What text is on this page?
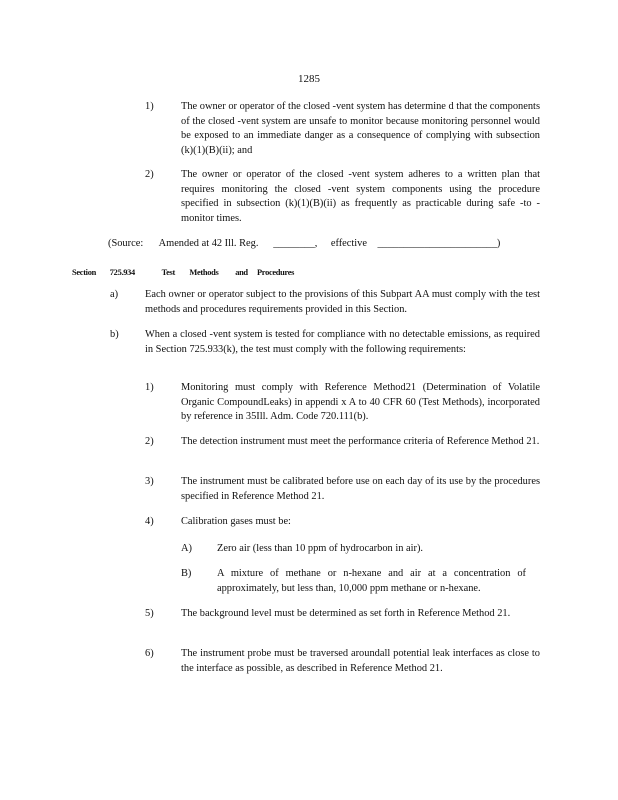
1285
1)	The owner or operator of the closed -vent system has determine d that the components of the closed -vent system are unsafe to monitor because monitoring personnel would be exposed to an immediate danger as a consequence of complying with subsection (k)(1)(B)(ii); and
2)	The owner or operator of the closed -vent system adheres to a written plan that requires monitoring the closed -vent system components using the procedure specified in subsection (k)(1)(B)(ii) as frequently as practicable during safe -to -monitor times.
(Source: Amended at 42 Ill. Reg. ________, effective _______________________)
Section 725.934	Test Methods and Procedures
a)	Each owner or operator subject to the provisions of this Subpart AA must comply with the test methods and procedures requirements provided in this Section.
b)	When a closed -vent system is tested for compliance with no detectable emissions, as required in Section 725.933(k), the test must comply with the following requirements:
1)	Monitoring must comply with Reference Method21 (Determination of Volatile Organic CompoundLeaks) in appendi x A to 40 CFR 60 (Test Methods), incorporated by reference in 35Ill. Adm. Code 720.111(b).
2)	The detection instrument must meet the performance criteria of Reference Method 21.
3)	The instrument must be calibrated before use on each day of its use by the procedures specified in Reference Method 21.
4)	Calibration gases must be:
A) Zero air (less than 10 ppm of hydrocarbon in air).
B) A mixture of methane or n-hexane and air at a concentration of approximately, but less than, 10,000 ppm methane or n-hexane.
5)	The background level must be determined as set forth in Reference Method 21.
6)	The instrument probe must be traversed aroundall potential leak interfaces as close to the interface as possible, as described in Reference Method 21.
